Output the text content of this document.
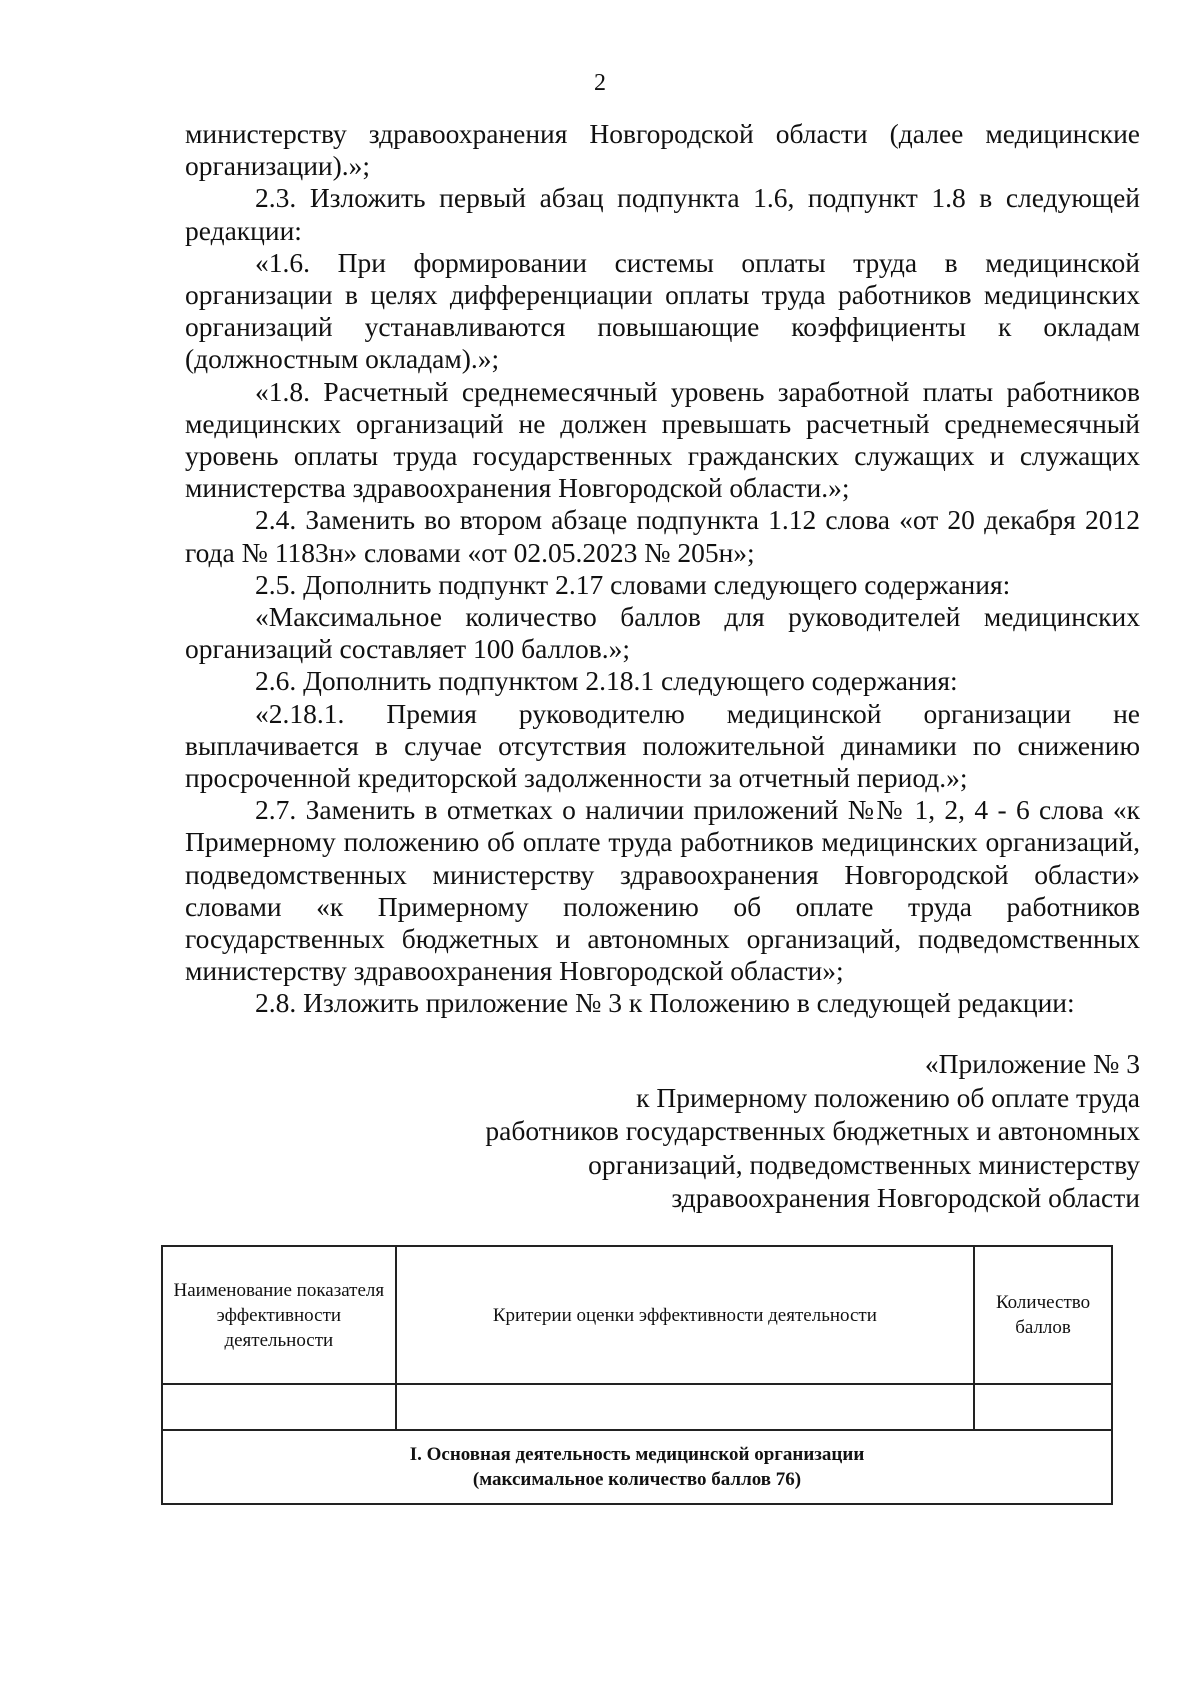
2

министерству здравоохранения Новгородской области (далее медицинские организации).»;

2.3. Изложить первый абзац подпункта 1.6, подпункт 1.8 в следующей редакции:

«1.6. При формировании системы оплаты труда в медицинской организации в целях дифференциации оплаты труда работников медицинских организаций устанавливаются повышающие коэффициенты к окладам (должностным окладам).»;

«1.8. Расчетный среднемесячный уровень заработной платы работников медицинских организаций не должен превышать расчетный среднемесячный уровень оплаты труда государственных гражданских служащих и служащих министерства здравоохранения Новгородской области.»;

2.4. Заменить во втором абзаце подпункта 1.12 слова «от 20 декабря 2012 года № 1183н» словами «от 02.05.2023 № 205н»;

2.5. Дополнить подпункт 2.17 словами следующего содержания:

«Максимальное количество баллов для руководителей медицинских организаций составляет 100 баллов.»;

2.6. Дополнить подпунктом 2.18.1 следующего содержания:

«2.18.1. Премия руководителю медицинской организации не выплачивается в случае отсутствия положительной динамики по снижению просроченной кредиторской задолженности за отчетный период.»;

2.7. Заменить в отметках о наличии приложений №№ 1, 2, 4 - 6 слова «к Примерному положению об оплате труда работников медицинских организаций, подведомственных министерству здравоохранения Новгородской области» словами «к Примерному положению об оплате труда работников государственных бюджетных и автономных организаций, подведомственных министерству здравоохранения Новгородской области»;

2.8. Изложить приложение № 3 к Положению в следующей редакции:

«Приложение № 3
к Примерному положению об оплате труда
работников государственных бюджетных и автономных
организаций, подведомственных министерству
здравоохранения Новгородской области
Наименование показателя эффективности деятельности	Критерии оценки эффективности деятельности	Количество баллов

I. Основная деятельность медицинской организации
(максимальное количество баллов 76)		
